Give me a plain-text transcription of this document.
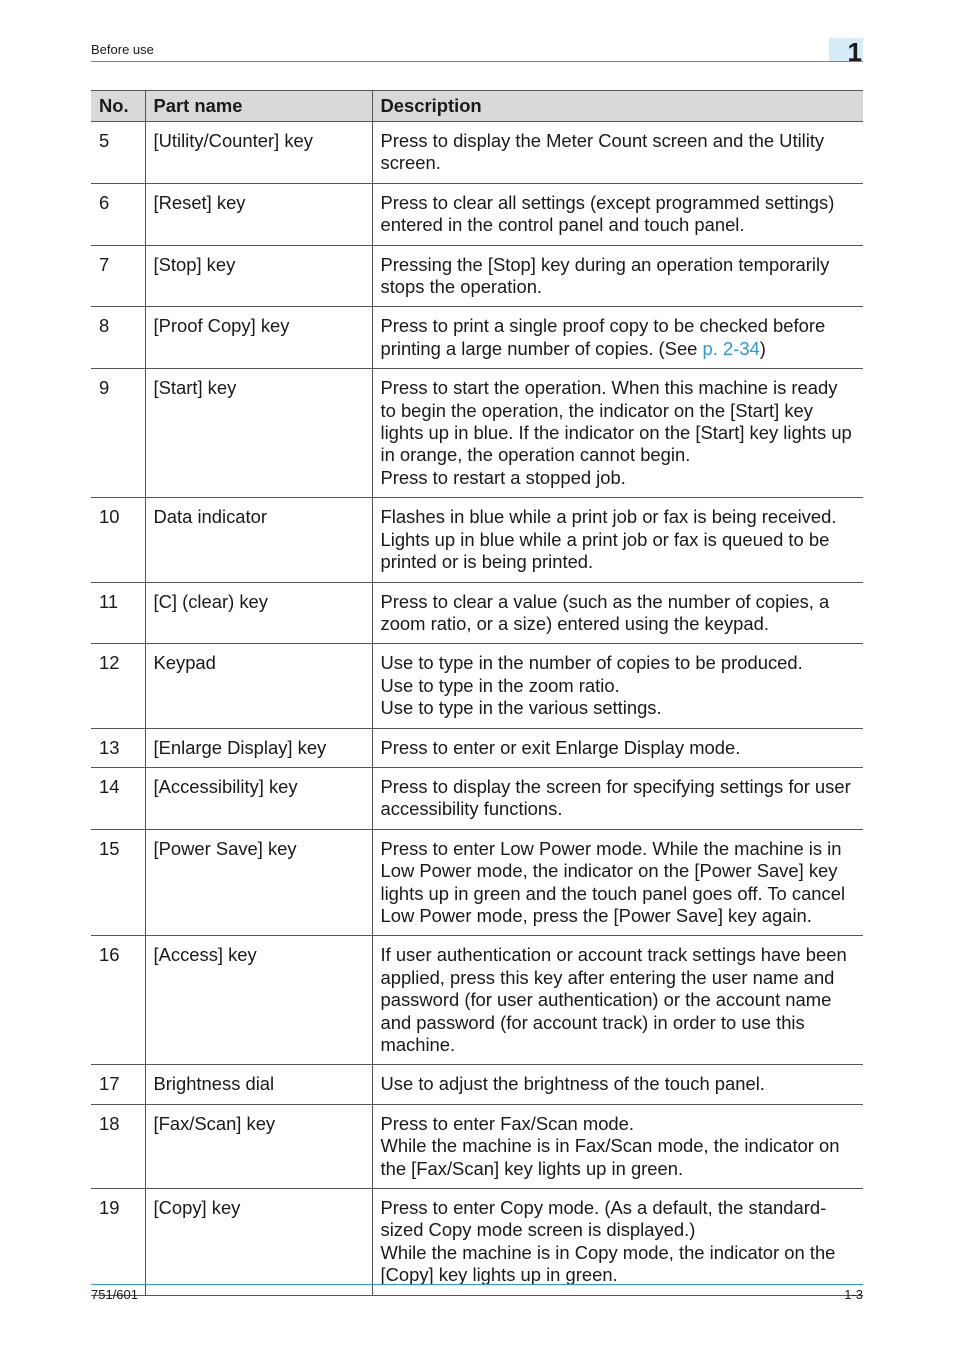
Before use	1
No.	Part name	Description
5	[Utility/Counter] key	Press to display the Meter Count screen and the Utility screen.

6	[Reset] key	Press to clear all settings (except programmed settings) entered in the control panel and touch panel.

7	[Stop] key	Pressing the [Stop] key during an operation temporarily stops the operation.

8	[Proof Copy] key	Press to print a single proof copy to be checked before printing a large number of copies. (See p. 2-34)
9	[Start] key	Press to start the operation. When this machine is ready to begin the operation, the indicator on the [Start] key lights up in blue. If the indicator on the [Start] key lights up in orange, the operation cannot begin.
Press to restart a stopped job.

10	Data indicator	Flashes in blue while a print job or fax is being received. Lights up in blue while a print job or fax is queued to be printed or is being printed.

11	[C] (clear) key	Press to clear a value (such as the number of copies, a zoom ratio, or a size) entered using the keypad.

12	Keypad	Use to type in the number of copies to be produced.
Use to type in the zoom ratio.
Use to type in the various settings.

13	[Enlarge Display] key	Press to enter or exit Enlarge Display mode.

14	[Accessibility] key	Press to display the screen for specifying settings for user accessibility functions.

15	[Power Save] key	Press to enter Low Power mode. While the machine is in Low Power mode, the indicator on the [Power Save] key lights up in green and the touch panel goes off. To cancel Low Power mode, press the [Power Save] key again.

16	[Access] key	If user authentication or account track settings have been applied, press this key after entering the user name and password (for user authentication) or the account name and password (for account track) in order to use this machine.

17	Brightness dial	Use to adjust the brightness of the touch panel.

18	[Fax/Scan] key	Press to enter Fax/Scan mode.
While the machine is in Fax/Scan mode, the indicator on the [Fax/Scan] key lights up in green.

19	[Copy] key	Press to enter Copy mode. (As a default, the standard-sized Copy mode screen is displayed.)
While the machine is in Copy mode, the indicator on the [Copy] key lights up in green.
751/601	1-3
